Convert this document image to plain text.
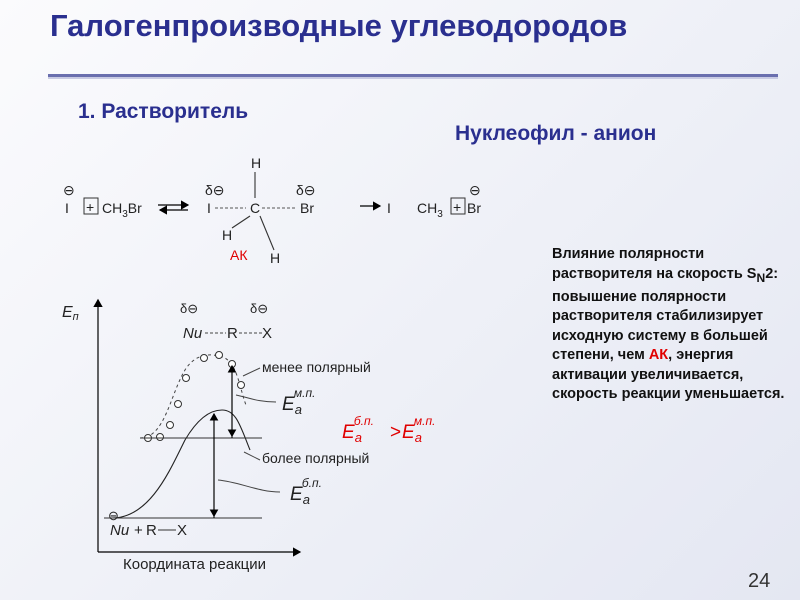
Галогенпроизводные углеводородов
1. Растворитель
Нуклеофил - анион
⊖
$I + CH_3Br$
δ⊖
I	C
H
H
H
δ⊖
Br
АК
I $CH_3$ +
⊖
Br
Eп
δ⊖	δ⊖
Nu R X
менее полярный
более полярный
$E_aм.п$.
$E_aб.п$.
$E_aб.п$.
> $E_aм.п$.
⊖
Nu + R X
Координата реакции
Влияние полярности растворителя на скорость $S_N2$: повышение полярности растворителя стабилизирует исходную систему в большей степени, чем АК, энергия активации увеличивается, скорость реакции уменьшается.
24
